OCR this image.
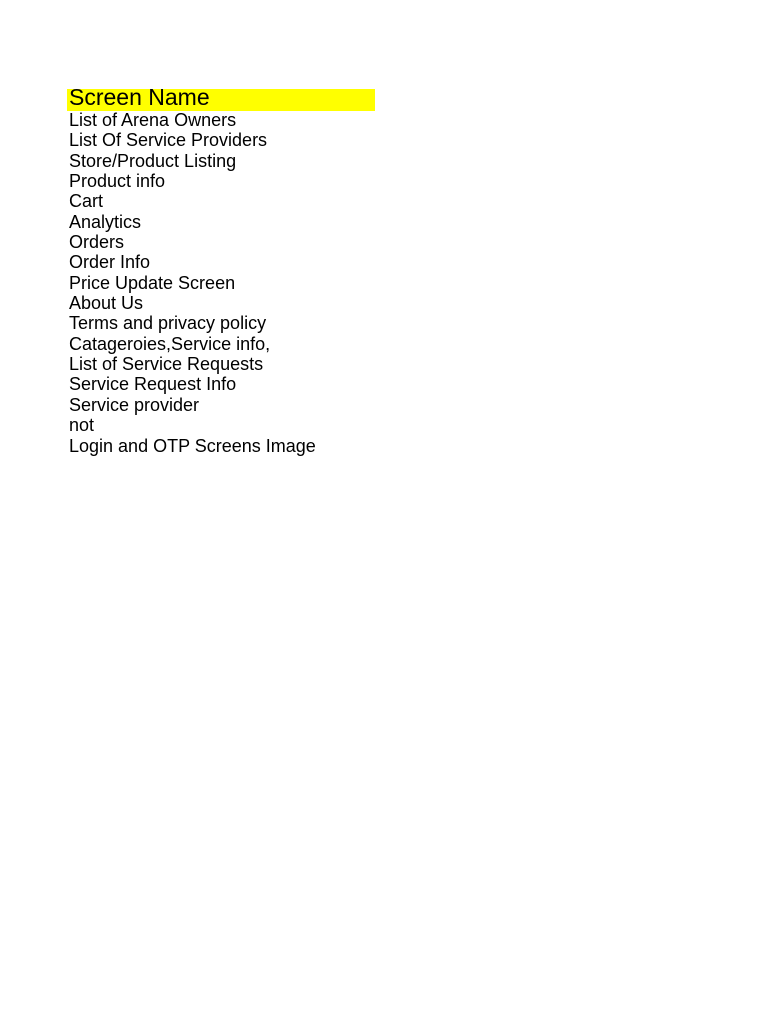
Screen Name
List of Arena Owners
List Of Service Providers
Store/Product Listing
Product info
Cart
Analytics
Orders
Order Info
Price Update Screen
About Us
Terms and privacy policy
Catageroies,Service info,
List of Service Requests
Service Request Info
Service provider
not
Login and OTP Screens Image
